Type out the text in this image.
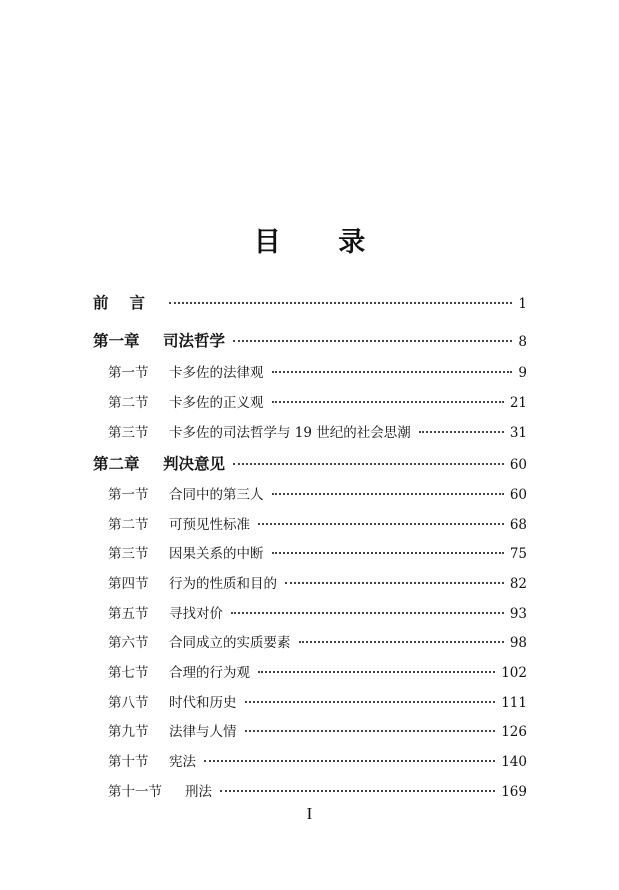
目 录
前言	1
第一章	司法哲学	8
第一节	卡多佐的法律观	9
第二节	卡多佐的正义观	21
第三节	卡多佐的司法哲学与 19 世纪的社会思潮	31
第二章	判决意见	60
第一节	合同中的第三人	60
第二节	可预见性标准	68
第三节	因果关系的中断	75
第四节	行为的性质和目的	82
第五节	寻找对价	93
第六节	合同成立的实质要素	98
第七节	合理的行为观	102
第八节	时代和历史	111
第九节	法律与人情	126
第十节	宪法	140
第十一节	刑法	169
I
